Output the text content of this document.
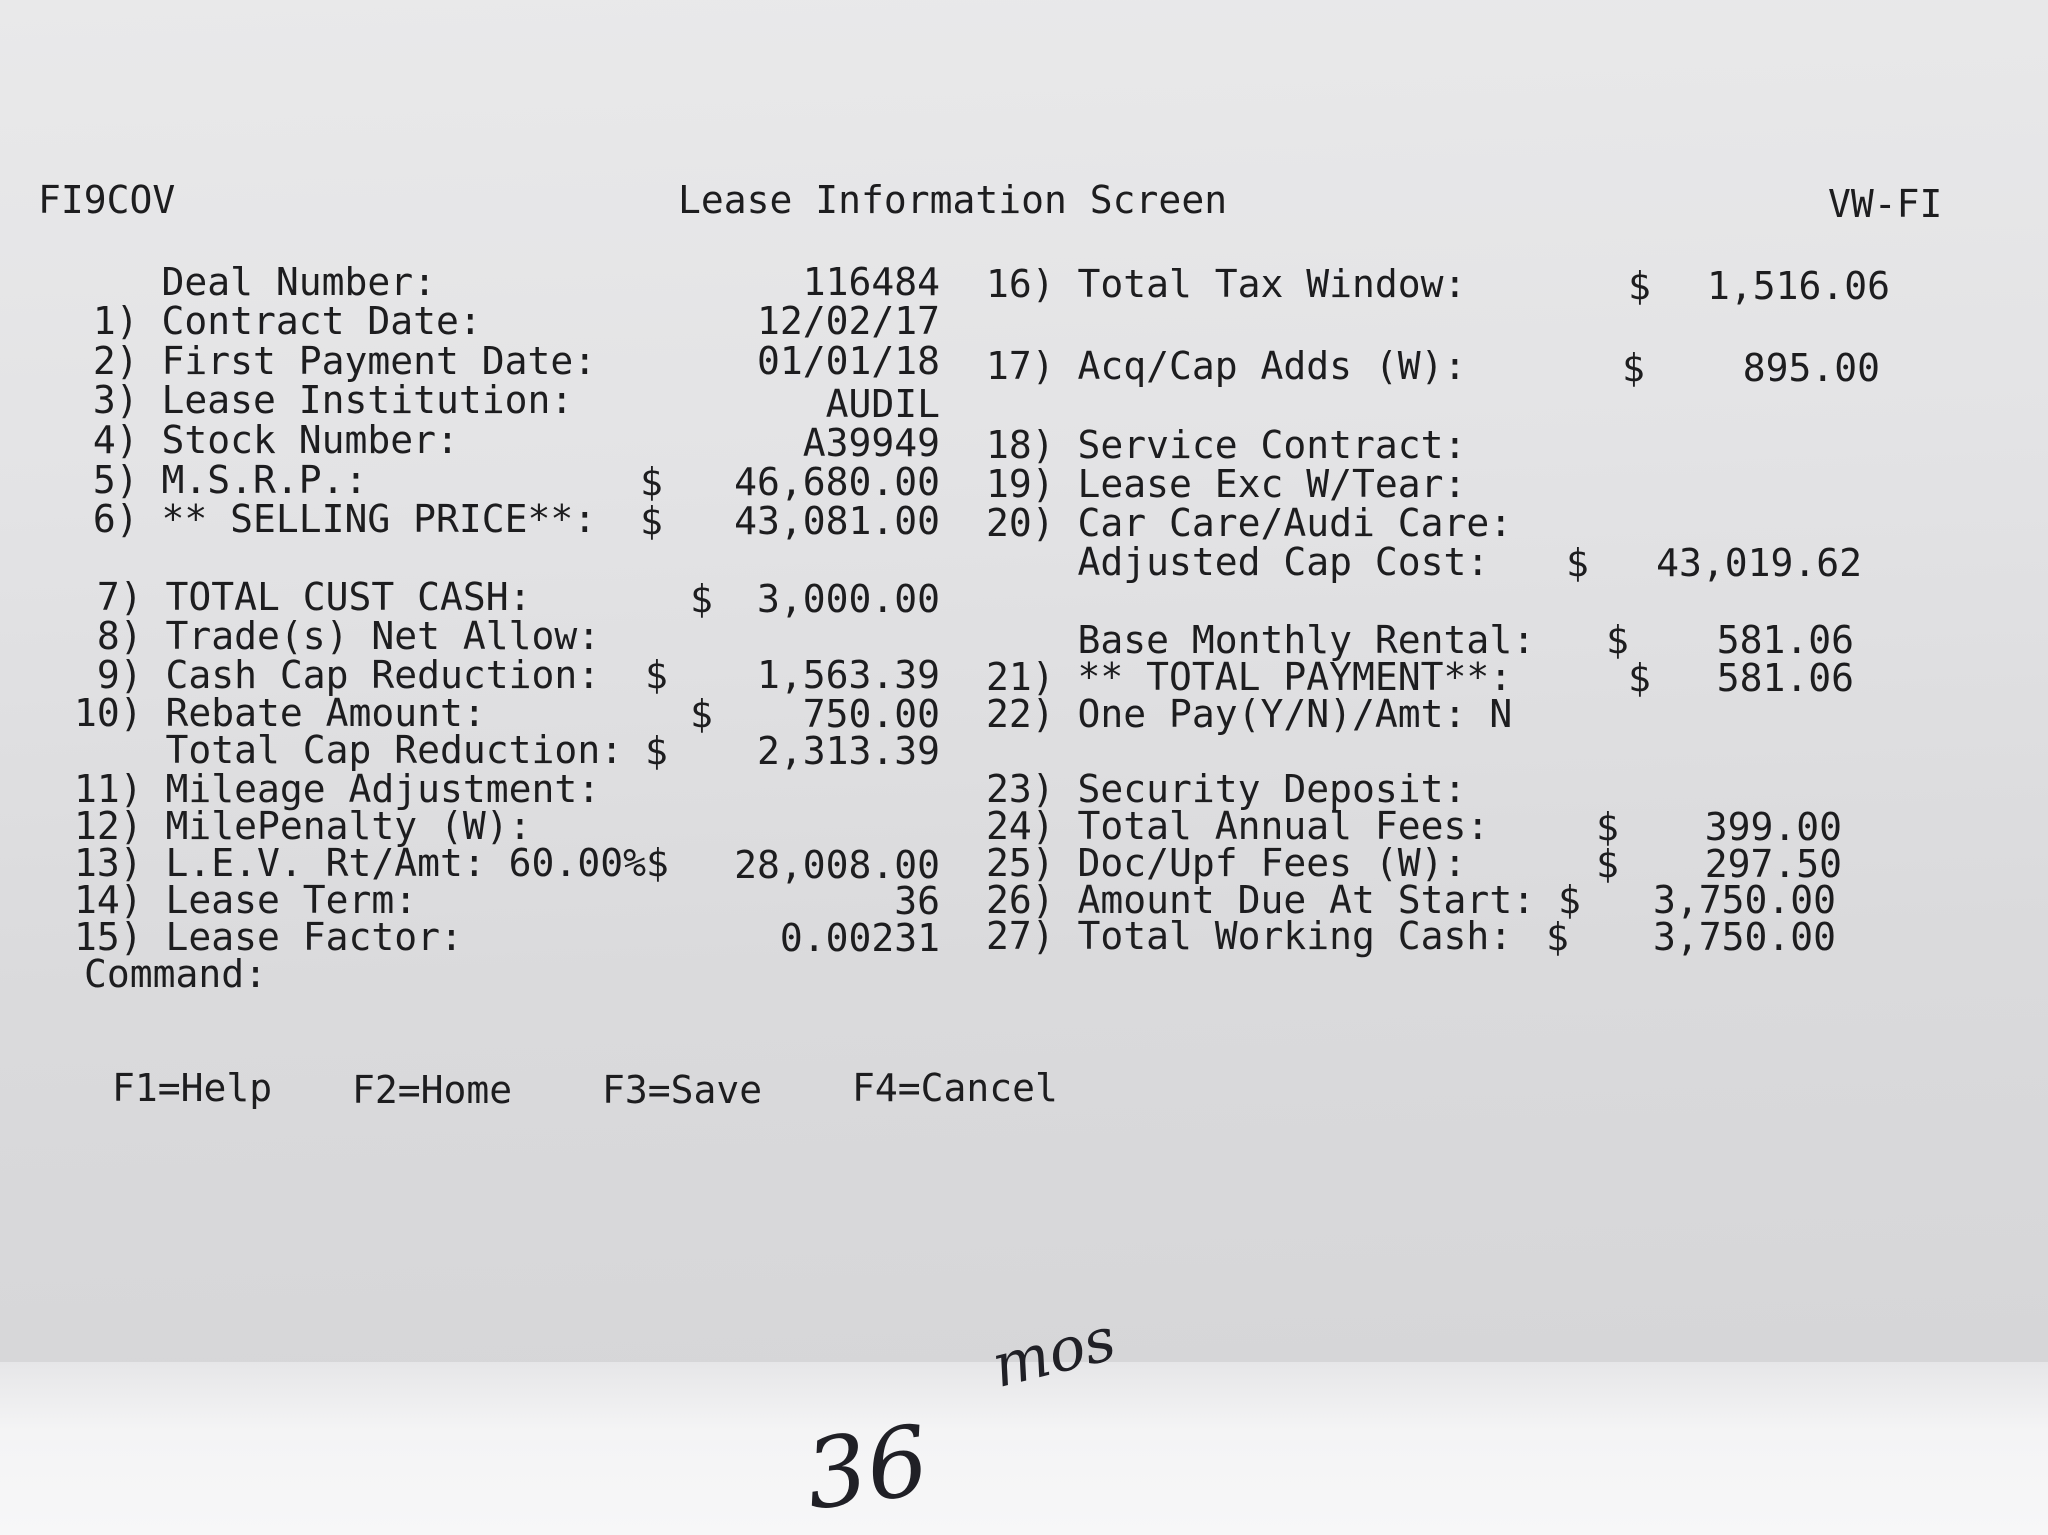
FI9COV	Lease Information Screen	VW-FI
Deal Number:	116484
1) Contract Date:	12/02/17
2) First Payment Date:	01/01/18
3) Lease Institution:	AUDIL
4) Stock Number:	A39949
5) M.S.R.P.:	$ 46,680.00
6) ** SELLING PRICE**: $ 43,081.00
7) TOTAL CUST CASH:	$ 3,000.00
8) Trade(s) Net Allow:
9) Cash Cap Reduction: $ 1,563.39
10) Rebate Amount:	$ 750.00
Total Cap Reduction: $ 2,313.39
11) Mileage Adjustment:
12) MilePenalty (W):
13) L.E.V. Rt/Amt: 60.00%$ 28,008.00
14) Lease Term:	36
15) Lease Factor:	0.00231
Command:
16) Total Tax Window:	$ 1,516.06
17) Acq/Cap Adds (W):	$	895.00
18) Service Contract:
19) Lease Exc W/Tear:
20) Car Care/Audi Care:
Adjusted Cap Cost: $ 43,019.62
Base Monthly Rental: $ 581.06
21) ** TOTAL PAYMENT**:	$ 581.06
22) One Pay(Y/N)/Amt: N
23) Security Deposit:
24) Total Annual Fees:	$ 399.00
25) Doc/Upf Fees (W):	$ 297.50
26) Amount Due At Start: $ 3,750.00
27) Total Working Cash: $ 3,750.00
F1=Help F2=Home F3=Save F4=Cancel
36
mos
